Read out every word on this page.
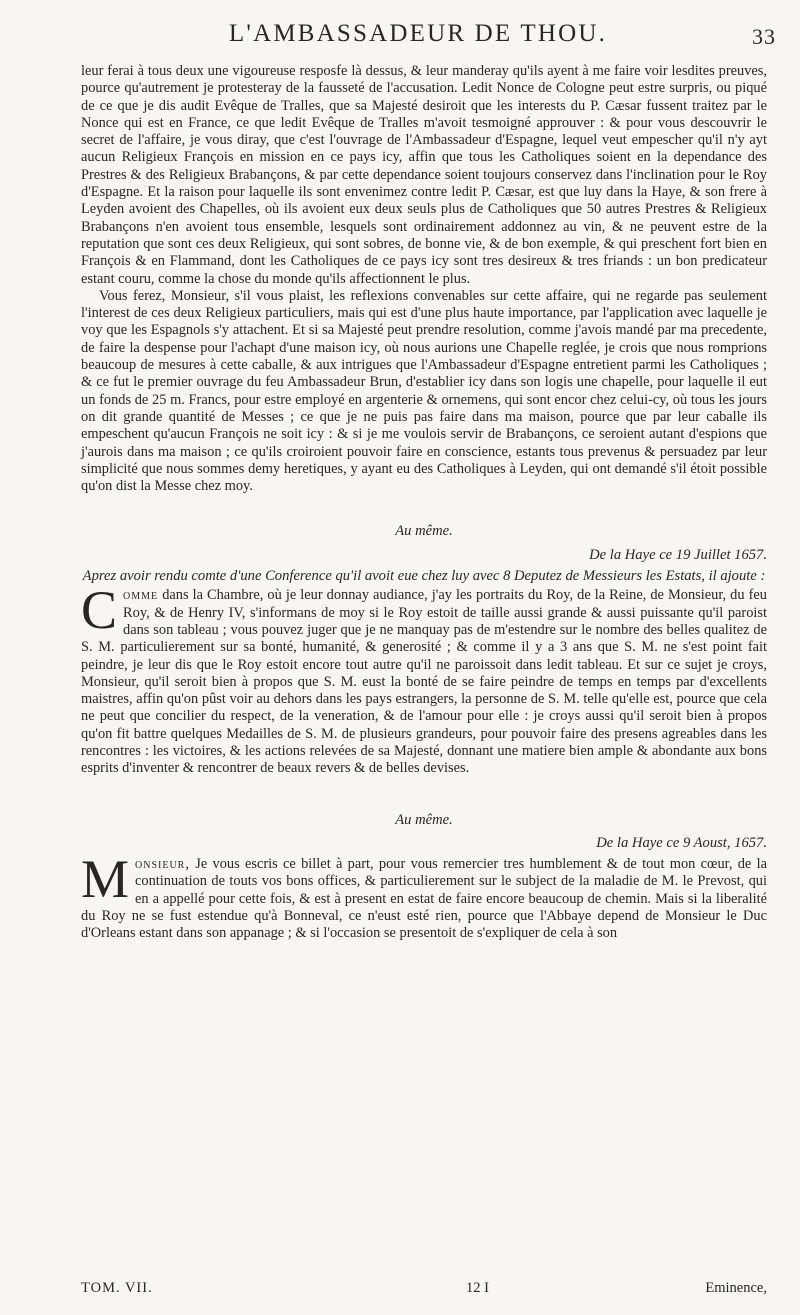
L'AMBASSADEUR DE THOU.	33

leur ferai à tous deux une vigoureuse resposfe là dessus, & leur manderay qu'ils ayent à me faire voir lesdites preuves, pource qu'autrement je protesteray de la fausseté de l'accusation. Ledit Nonce de Cologne peut estre surpris, ou piqué de ce que je dis audit Evêque de Tralles, que sa Majesté desiroit que les interests du P. Cæsar fussent traitez par le Nonce qui est en France, ce que ledit Evêque de Tralles m'avoit tesmoigné approuver : & pour vous descouvrir le secret de l'affaire, je vous diray, que c'est l'ouvrage de l'Ambassadeur d'Espagne, lequel veut empescher qu'il n'y ayt aucun Religieux François en mission en ce pays icy, affin que tous les Catholiques soient en la dependance des Prestres & des Religieux Brabançons, & par cette dependance soient toujours conservez dans l'inclination pour le Roy d'Espagne. Et la raison pour laquelle ils sont envenimez contre ledit P. Cæsar, est que luy dans la Haye, & son frere à Leyden avoient des Chapelles, où ils avoient eux deux seuls plus de Catholiques que 50 autres Prestres & Religieux Brabançons n'en avoient tous ensemble, lesquels sont ordinairement addonnez au vin, & ne peuvent estre de la reputation que sont ces deux Religieux, qui sont sobres, de bonne vie, & de bon exemple, & qui preschent fort bien en François & en Flammand, dont les Catholiques de ce pays icy sont tres desireux & tres friands : un bon predicateur estant couru, comme la chose du monde qu'ils affectionnent le plus.

Vous ferez, Monsieur, s'il vous plaist, les reflexions convenables sur cette affaire, qui ne regarde pas seulement l'interest de ces deux Religieux particuliers, mais qui est d'une plus haute importance, par l'application avec laquelle je voy que les Espagnols s'y attachent. Et si sa Majesté peut prendre resolution, comme j'avois mandé par ma precedente, de faire la despense pour l'achapt d'une maison icy, où nous aurions une Chapelle reglée, je crois que nous romprions beaucoup de mesures à cette caballe, & aux intrigues que l'Ambassadeur d'Espagne entretient parmi les Catholiques ; & ce fut le premier ouvrage du feu Ambassadeur Brun, d'establier icy dans son logis une chapelle, pour laquelle il eut un fonds de 25 m. Francs, pour estre employé en argenterie & ornemens, qui sont encor chez celui-cy, où tous les jours on dit grande quantité de Messes ; ce que je ne puis pas faire dans ma maison, pource que par leur caballe ils empeschent qu'aucun François ne soit icy : & si je me voulois servir de Brabançons, ce seroient autant d'espions que j'aurois dans ma maison ; ce qu'ils croiroient pouvoir faire en conscience, estants tous prevenus & persuadez par leur simplicité que nous sommes demy heretiques, y ayant eu des Catholiques à Leyden, qui ont demandé s'il étoit possible qu'on dist la Messe chez moy.

Au même.

De la Haye ce 19 Juillet 1657.

Aprez avoir rendu comte d'une Conference qu'il avoit eue chez luy avec 8 Deputez de Messieurs les Estats, il ajoute :

Comme dans la Chambre, où je leur donnay audiance, j'ay les portraits du Roy, de la Reine, de Monsieur, du feu Roy, & de Henry IV, s'informans de moy si le Roy estoit de taille aussi grande & aussi puissante qu'il paroist dans son tableau ; vous pouvez juger que je ne manquay pas de m'estendre sur le nombre des belles qualitez de S. M. particulierement sur sa bonté, humanité, & generosité ; & comme il y a 3 ans que S. M. ne s'est point fait peindre, je leur dis que le Roy estoit encore tout autre qu'il ne paroissoit dans ledit tableau. Et sur ce sujet je croys, Monsieur, qu'il seroit bien à propos que S. M. eust la bonté de se faire peindre de temps en temps par d'excellents maistres, affin qu'on pûst voir au dehors dans les pays estrangers, la personne de S. M. telle qu'elle est, pource que cela ne peut que concilier du respect, de la veneration, & de l'amour pour elle : je croys aussi qu'il seroit bien à propos qu'on fit battre quelques Medailles de S. M. de plusieurs grandeurs, pour pouvoir faire des presens agreables dans les rencontres : les victoires, & les actions relevées de sa Majesté, donnant une matiere bien ample & abondante aux bons esprits d'inventer & rencontrer de beaux revers & de belles devises.

Au même.

De la Haye ce 9 Aoust, 1657.

Monsieur, Je vous escris ce billet à part, pour vous remercier tres humblement & de tout mon cœur, de la continuation de touts vos bons offices, & particulierement sur le subject de la maladie de M. le Prevost, qui en a appellé pour cette fois, & est à present en estat de faire encore beaucoup de chemin. Mais si la liberalité du Roy ne se fust estendue qu'à Bonneval, ce n'eust esté rien, pource que l'Abbaye depend de Monsieur le Duc d'Orleans estant dans son appanage ; & si l'occasion se presentoit de s'expliquer de cela à son

TOM. VII.	12 I	Eminence,
